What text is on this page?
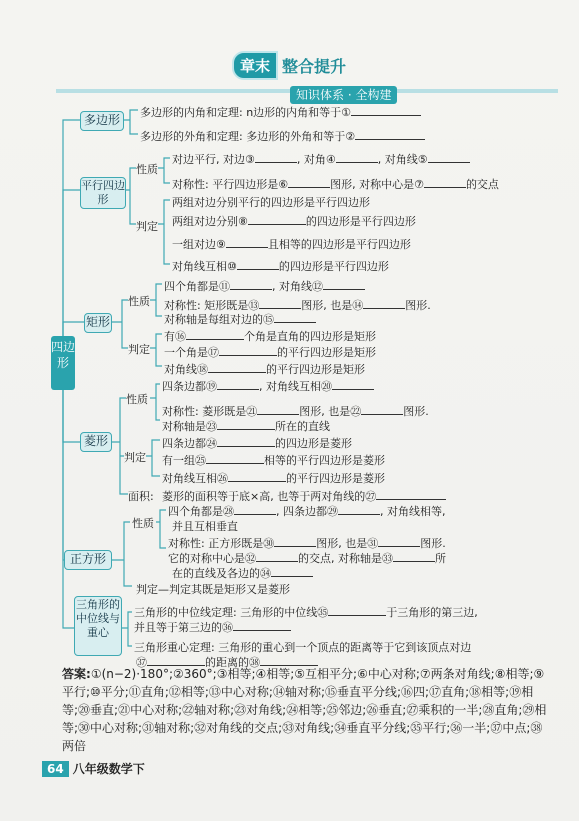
章末 整合提升
知识体系 · 全构建
四边形
多边形
平行四边形
矩形
菱形
正方形
三角形的中位线与重心
性质
判定
性质
判定
性质
判定
面积:
性质
多边形的内角和定理: n边形的内角和等于①
多边形的外角和定理: 多边形的外角和等于②
对边平行, 对边③	, 对角④	, 对角线⑤
对称性: 平行四边形是⑥	图形, 对称中心是⑦	的交点
两组对边分别平行的四边形是平行四边形
两组对边分别⑧	的四边形是平行四边形
一组对边⑨	且相等的四边形是平行四边形
对角线互相⑩	的四边形是平行四边形
四个角都是⑪	, 对角线⑫
对称性: 矩形既是⑬	图形, 也是⑭	图形.
对称轴是每组对边的⑮
有⑯	个角是直角的四边形是矩形
一个角是⑰	的平行四边形是矩形
对角线⑱	的平行四边形是矩形
四条边都⑲	, 对角线互相⑳
对称性: 菱形既是㉑	图形, 也是㉒	图形.
对称轴是㉓	所在的直线
四条边都㉔	的四边形是菱形
有一组㉕	相等的平行四边形是菱形
对角线互相㉖	的平行四边形是菱形
菱形的面积等于底×高, 也等于两对角线的㉗
四个角都是㉘	, 四条边都㉙	, 对角线相等,
并且互相垂直
对称性: 正方形既是㉚	图形, 也是㉛	图形.
它的对称中心是㉜	的交点, 对称轴是㉝	所
在的直线及各边的㉞
判定—判定其既是矩形又是菱形
三角形的中位线定理: 三角形的中位线㉟	于三角形的第三边,
并且等于第三边的㊱
三角形重心定理: 三角形的重心到一个顶点的距离等于它到该顶点对边
㊲	的距离的㊳
答案:①(n−2)·180°;②360°;③相等;④相等;⑤互相平分;⑥中心对称;⑦两条对角线;⑧相等;⑨平行;⑩平分;⑪直角;⑫相等;⑬中心对称;⑭轴对称;⑮垂直平分线;⑯四;⑰直角;⑱相等;⑲相等;⑳垂直;㉑中心对称;㉒轴对称;㉓对角线;㉔相等;㉕邻边;㉖垂直;㉗乘积的一半;㉘直角;㉙相等;㉚中心对称;㉛轴对称;㉜对角线的交点;㉝对角线;㉞垂直平分线;㉟平行;㊱一半;㊲中点;㊳两倍
64 八年级数学下
